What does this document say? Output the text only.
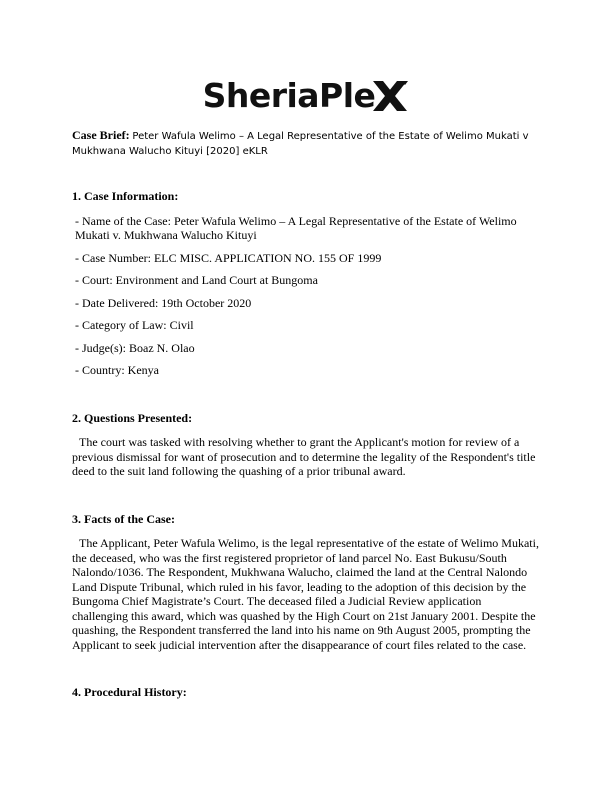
SheriaPle
Case Brief: Peter Wafula Welimo – A Legal Representative of the Estate of Welimo Mukati v Mukhwana Walucho Kituyi [2020] eKLR

1. Case Information:

- Name of the Case: Peter Wafula Welimo – A Legal Representative of the Estate of Welimo Mukati v. Mukhwana Walucho Kituyi

- Case Number: ELC MISC. APPLICATION NO. 155 OF 1999

- Court: Environment and Land Court at Bungoma

- Date Delivered: 19th October 2020

- Category of Law: Civil

- Judge(s): Boaz N. Olao

- Country: Kenya

2. Questions Presented:

The court was tasked with resolving whether to grant the Applicant's motion for review of a previous dismissal for want of prosecution and to determine the legality of the Respondent's title deed to the suit land following the quashing of a prior tribunal award.

3. Facts of the Case:

The Applicant, Peter Wafula Welimo, is the legal representative of the estate of Welimo Mukati, the deceased, who was the first registered proprietor of land parcel No. East Bukusu/South Nalondo/1036. The Respondent, Mukhwana Walucho, claimed the land at the Central Nalondo Land Dispute Tribunal, which ruled in his favor, leading to the adoption of this decision by the Bungoma Chief Magistrate’s Court. The deceased filed a Judicial Review application challenging this award, which was quashed by the High Court on 21st January 2001. Despite the quashing, the Respondent transferred the land into his name on 9th August 2005, prompting the Applicant to seek judicial intervention after the disappearance of court files related to the case.

4. Procedural History:
